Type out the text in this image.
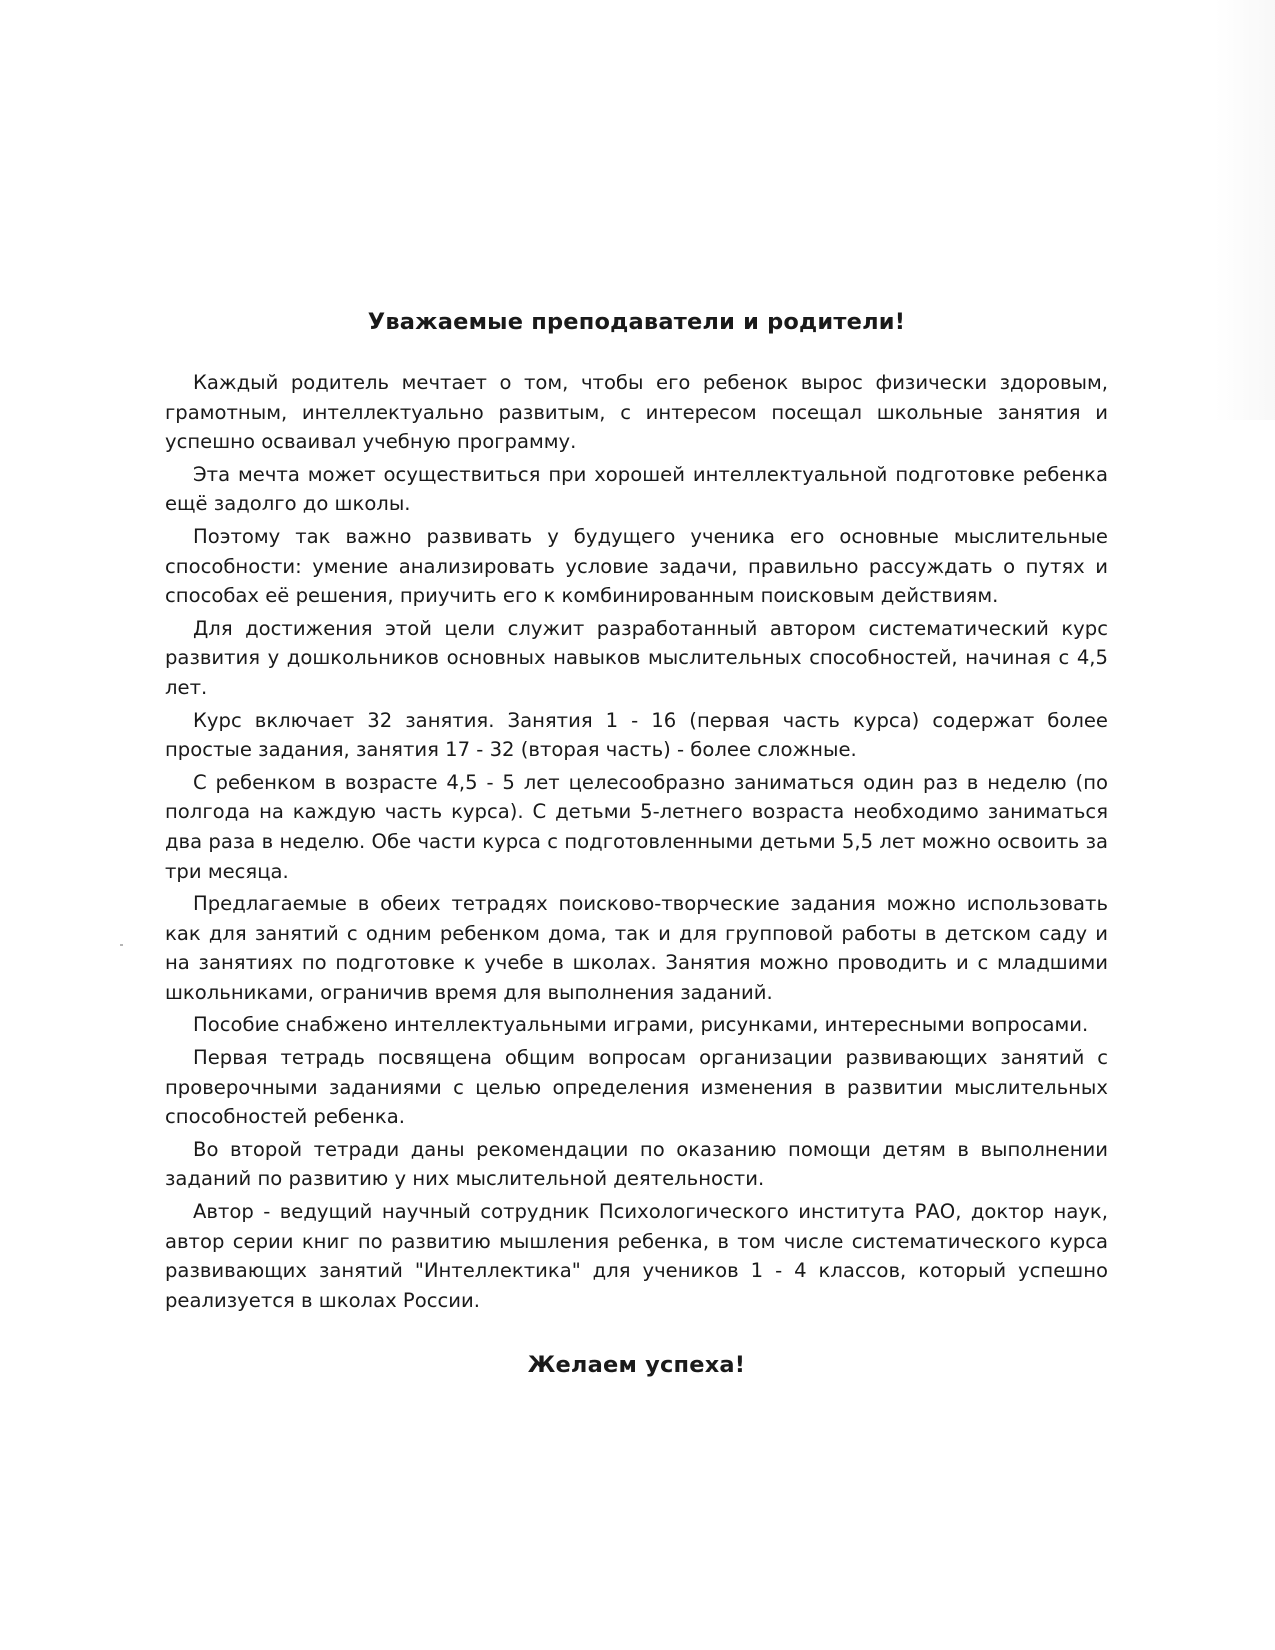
Уважаемые преподаватели и родители!

Каждый родитель мечтает о том, чтобы его ребенок вырос физически здоровым, грамотным, интеллектуально развитым, с интересом посещал школьные занятия и успешно осваивал учебную программу.

Эта мечта может осуществиться при хорошей интеллектуальной подготовке ребенка ещё задолго до школы.

Поэтому так важно развивать у будущего ученика его основные мыслительные способности: умение анализировать условие задачи, правильно рассуждать о путях и способах её решения, приучить его к комбинированным поисковым действиям.

Для достижения этой цели служит разработанный автором систематический курс развития у дошкольников основных навыков мыслительных способностей, начиная с 4,5 лет.

Курс включает 32 занятия. Занятия 1 - 16 (первая часть курса) содержат более простые задания, занятия 17 - 32 (вторая часть) - более сложные.

С ребенком в возрасте 4,5 - 5 лет целесообразно заниматься один раз в неделю (по полгода на каждую часть курса). С детьми 5-летнего возраста необходимо заниматься два раза в неделю. Обе части курса с подготовленными детьми 5,5 лет можно освоить за три месяца.

Предлагаемые в обеих тетрадях поисково-творческие задания можно использовать как для занятий с одним ребенком дома, так и для групповой работы в детском саду и на занятиях по подготовке к учебе в школах. Занятия можно проводить и с младшими школьниками, ограничив время для выполнения заданий.

Пособие снабжено интеллектуальными играми, рисунками, интересными вопросами.

Первая тетрадь посвящена общим вопросам организации развивающих занятий с проверочными заданиями с целью определения изменения в развитии мыслительных способностей ребенка.

Во второй тетради даны рекомендации по оказанию помощи детям в выполнении заданий по развитию у них мыслительной деятельности.

Автор - ведущий научный сотрудник Психологического института РАО, доктор наук, автор серии книг по развитию мышления ребенка, в том числе систематического курса развивающих занятий "Интеллектика" для учеников 1 - 4 классов, который успешно реализуется в школах России.

Желаем успеха!
